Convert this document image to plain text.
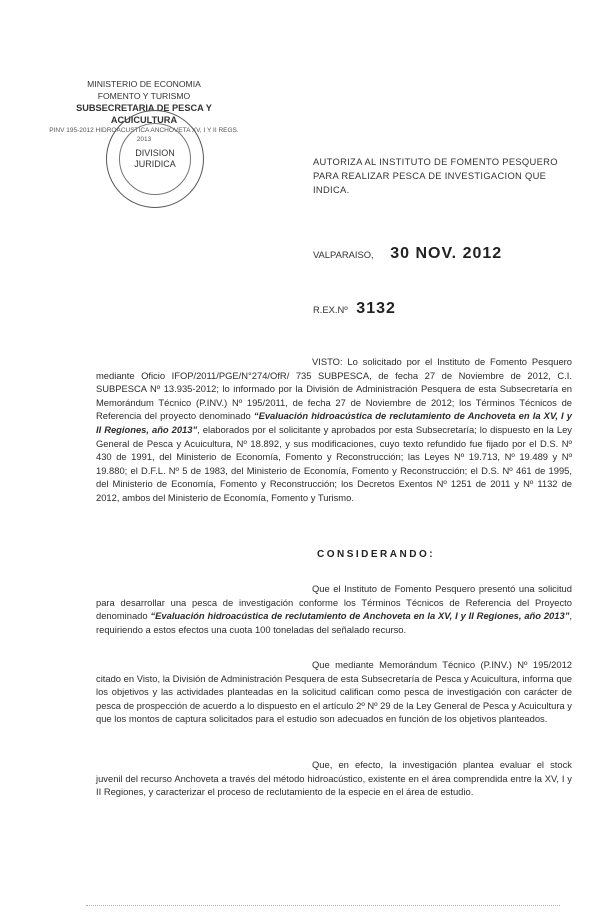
MINISTERIO DE ECONOMIA
FOMENTO Y TURISMO
SUBSECRETARIA DE PESCA Y ACUICULTURA
PINV 195-2012 HIDROACUSTICA ANCHOVETA XV, I Y II REGS. 2013
DIVISION
JURIDICA	AUTORIZA AL INSTITUTO DE FOMENTO PESQUERO PARA REALIZAR PESCA DE INVESTIGACION QUE INDICA.
VALPARAISO, 30 NOV. 2012
R.EX.Nº 3132
VISTO: Lo solicitado por el Instituto de Fomento Pesquero mediante Oficio IFOP/2011/PGE/N°274/OfR/ 735 SUBPESCA, de fecha 27 de Noviembre de 2012, C.I. SUBPESCA Nº 13.935-2012; lo informado por la División de Administración Pesquera de esta Subsecretaría en Memorándum Técnico (P.INV.) Nº 195/2011, de fecha 27 de Noviembre de 2012; los Términos Técnicos de Referencia del proyecto denominado “Evaluación hidroacústica de reclutamiento de Anchoveta en la XV, I y II Regiones, año 2013”, elaborados por el solicitante y aprobados por esta Subsecretaría; lo dispuesto en la Ley General de Pesca y Acuicultura, Nº 18.892, y sus modificaciones, cuyo texto refundido fue fijado por el D.S. Nº 430 de 1991, del Ministerio de Economía, Fomento y Reconstrucción; las Leyes Nº 19.713, Nº 19.489 y Nº 19.880; el D.F.L. Nº 5 de 1983, del Ministerio de Economía, Fomento y Reconstrucción; el D.S. Nº 461 de 1995, del Ministerio de Economía, Fomento y Reconstrucción; los Decretos Exentos Nº 1251 de 2011 y Nº 1132 de 2012, ambos del Ministerio de Economía, Fomento y Turismo.
CONSIDERANDO:
Que el Instituto de Fomento Pesquero presentó una solicitud para desarrollar una pesca de investigación conforme los Términos Técnicos de Referencia del Proyecto denominado “Evaluación hidroacústica de reclutamiento de Anchoveta en la XV, I y II Regiones, año 2013”, requiriendo a estos efectos una cuota 100 toneladas del señalado recurso.
Que mediante Memorándum Técnico (P.INV.) Nº 195/2012 citado en Visto, la División de Administración Pesquera de esta Subsecretaría de Pesca y Acuicultura, informa que los objetivos y las actividades planteadas en la solicitud califican como pesca de investigación con carácter de pesca de prospección de acuerdo a lo dispuesto en el artículo 2º Nº 29 de la Ley General de Pesca y Acuicultura y que los montos de captura solicitados para el estudio son adecuados en función de los objetivos planteados.
Que, en efecto, la investigación plantea evaluar el stock juvenil del recurso Anchoveta a través del método hidroacústico, existente en el área comprendida entre la XV, I y II Regiones, y caracterizar el proceso de reclutamiento de la especie en el área de estudio.
